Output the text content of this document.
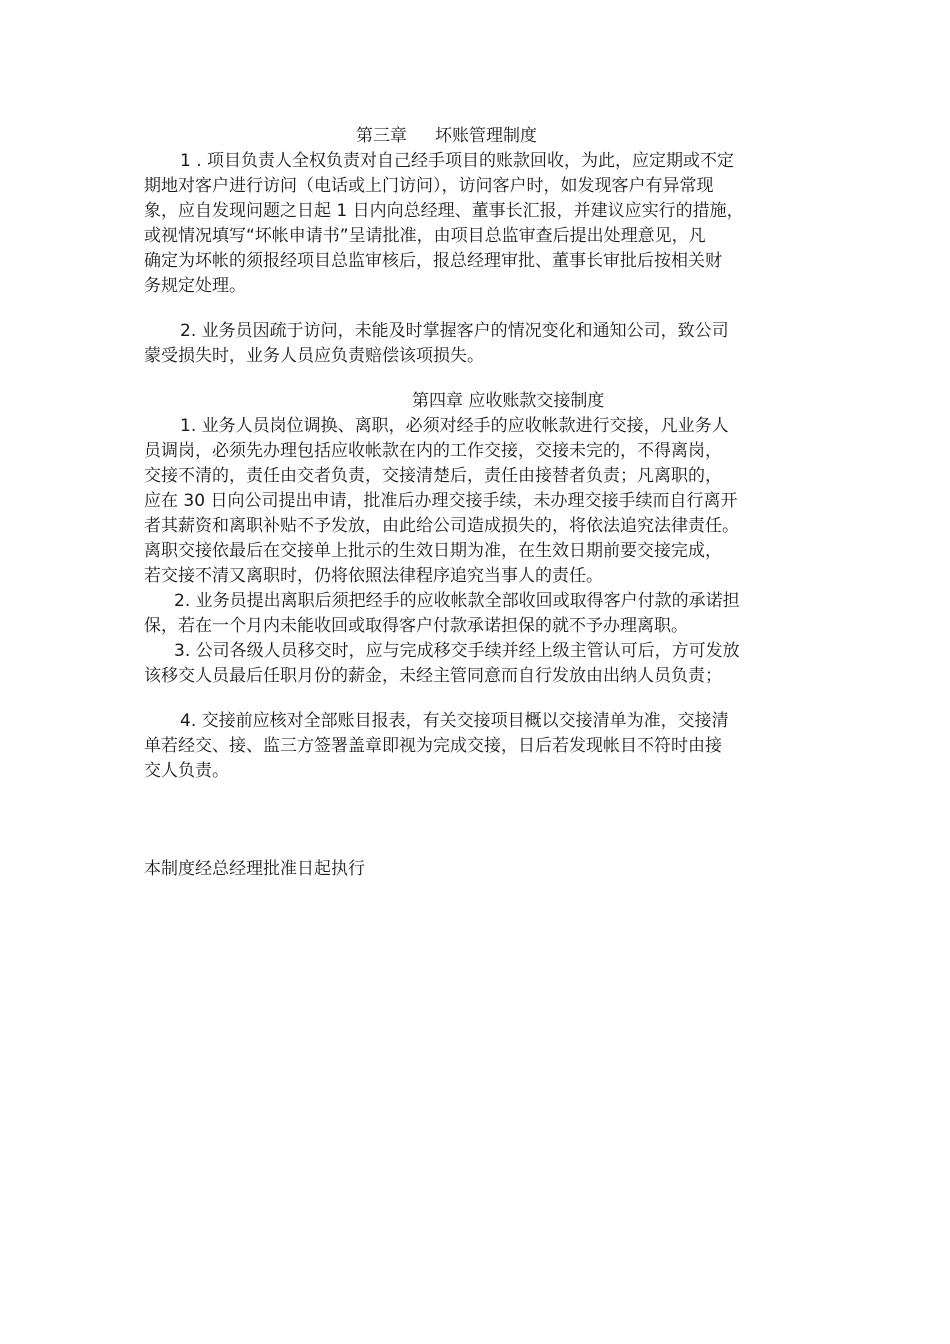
第三章 坏账管理制度
1 . 项目负责人全权负责对自己经手项目的账款回收，为此，应定期或不定
期地对客户进行访问（电话或上门访问），访问客户时，如发现客户有异常现
象，应自发现问题之日起 1 日内向总经理、董事长汇报，并建议应实行的措施，
或视情况填写“坏帐申请书”呈请批准，由项目总监审查后提出处理意见，凡
确定为坏帐的须报经项目总监审核后，报总经理审批、董事长审批后按相关财
务规定处理。
2. 业务员因疏于访问，未能及时掌握客户的情况变化和通知公司，致公司
蒙受损失时，业务人员应负责赔偿该项损失。
第四章 应收账款交接制度
1. 业务人员岗位调换、离职，必须对经手的应收帐款进行交接，凡业务人
员调岗，必须先办理包括应收帐款在内的工作交接，交接未完的，不得离岗，
交接不清的，责任由交者负责，交接清楚后，责任由接替者负责；凡离职的，
应在 30 日向公司提出申请，批准后办理交接手续，未办理交接手续而自行离开
者其薪资和离职补贴不予发放，由此给公司造成损失的，将依法追究法律责任。
离职交接依最后在交接单上批示的生效日期为准，在生效日期前要交接完成，
若交接不清又离职时，仍将依照法律程序追究当事人的责任。
2. 业务员提出离职后须把经手的应收帐款全部收回或取得客户付款的承诺担
保，若在一个月内未能收回或取得客户付款承诺担保的就不予办理离职。
3. 公司各级人员移交时，应与完成移交手续并经上级主管认可后，方可发放
该移交人员最后任职月份的薪金，未经主管同意而自行发放由出纳人员负责；
4. 交接前应核对全部账目报表，有关交接项目概以交接清单为准，交接清
单若经交、接、监三方签署盖章即视为完成交接，日后若发现帐目不符时由接
交人负责。
本制度经总经理批准日起执行
